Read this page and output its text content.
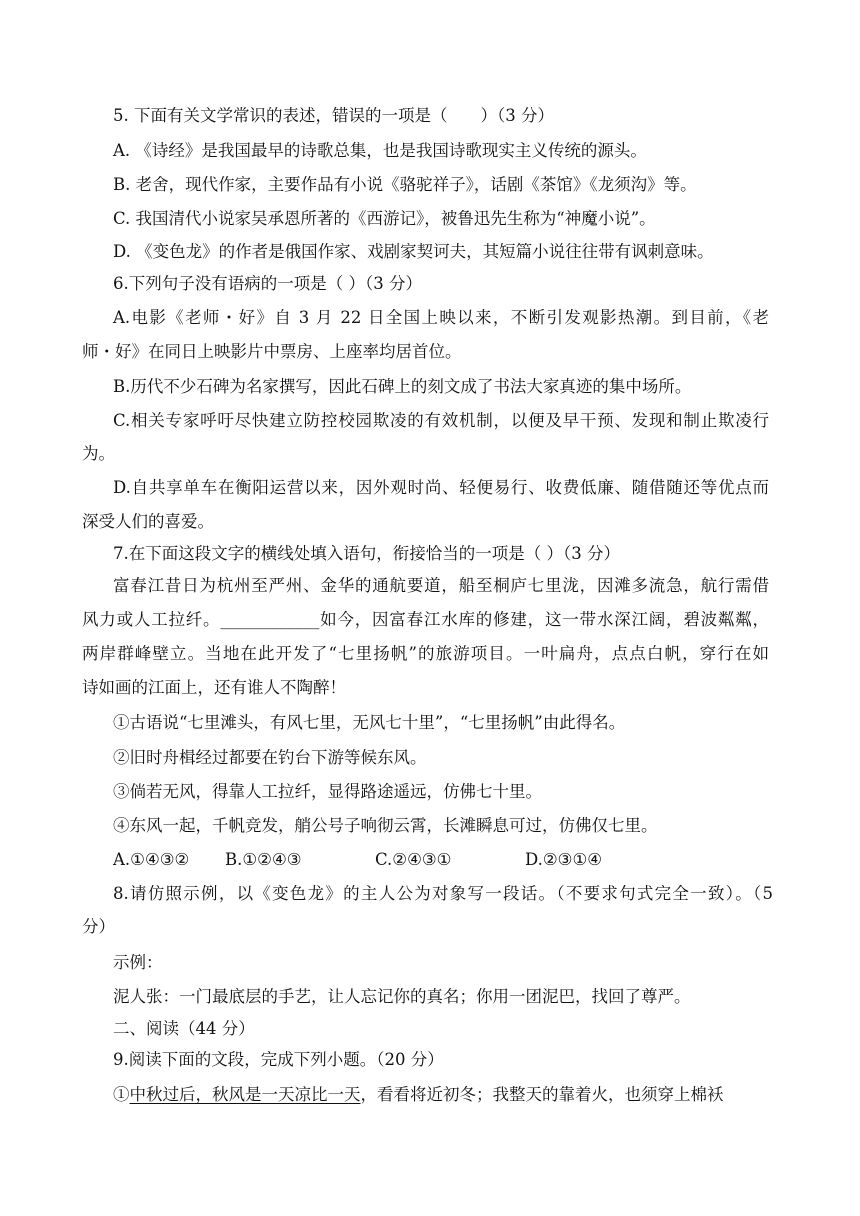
5. 下面有关文学常识的表述，错误的一项是（　　）（3 分）
A. 《诗经》是我国最早的诗歌总集，也是我国诗歌现实主义传统的源头。
B. 老舍，现代作家，主要作品有小说《骆驼祥子》，话剧《茶馆》《龙须沟》等。
C. 我国清代小说家吴承恩所著的《西游记》，被鲁迅先生称为“神魔小说”。
D. 《变色龙》的作者是俄国作家、戏剧家契诃夫，其短篇小说往往带有讽刺意味。
6.下列句子没有语病的一项是（ ）（3 分）
A.电影《老师・好》自 3 月 22 日全国上映以来，不断引发观影热潮。到目前，《老
师・好》在同日上映影片中票房、上座率均居首位。
B.历代不少石碑为名家撰写，因此石碑上的刻文成了书法大家真迹的集中场所。
C.相关专家呼吁尽快建立防控校园欺凌的有效机制，以便及早干预、发现和制止欺凌行
为。
D.自共享单车在衡阳运营以来，因外观时尚、轻便易行、收费低廉、随借随还等优点而
深受人们的喜爱。
7.在下面这段文字的横线处填入语句，衔接恰当的一项是（ ）（3 分）
富春江昔日为杭州至严州、金华的通航要道，船至桐庐七里泷，因滩多流急，航行需借
风力或人工拉纤。____________如今，因富春江水库的修建，这一带水深江阔，碧波粼粼，
两岸群峰壁立。当地在此开发了“七里扬帆”的旅游项目。一叶扁舟，点点白帆，穿行在如
诗如画的江面上，还有谁人不陶醉！
①古语说“七里滩头，有风七里，无风七十里”，“七里扬帆”由此得名。
②旧时舟楫经过都要在钓台下游等候东风。
③倘若无风，得靠人工拉纤，显得路途遥远，仿佛七十里。
④东风一起，千帆竞发，艄公号子响彻云霄，长滩瞬息可过，仿佛仅七里。
A.①④③② B.①②④③	C.②④③①	D.②③①④
8.请仿照示例，以《变色龙》的主人公为对象写一段话。（不要求句式完全一致）。（5
分）
示例：
泥人张：一门最底层的手艺，让人忘记你的真名；你用一团泥巴，找回了尊严。
二、阅读（44 分）
9.阅读下面的文段，完成下列小题。（20 分）
①中秋过后，秋风是一天凉比一天，看看将近初冬；我整天的靠着火，也须穿上棉袄
